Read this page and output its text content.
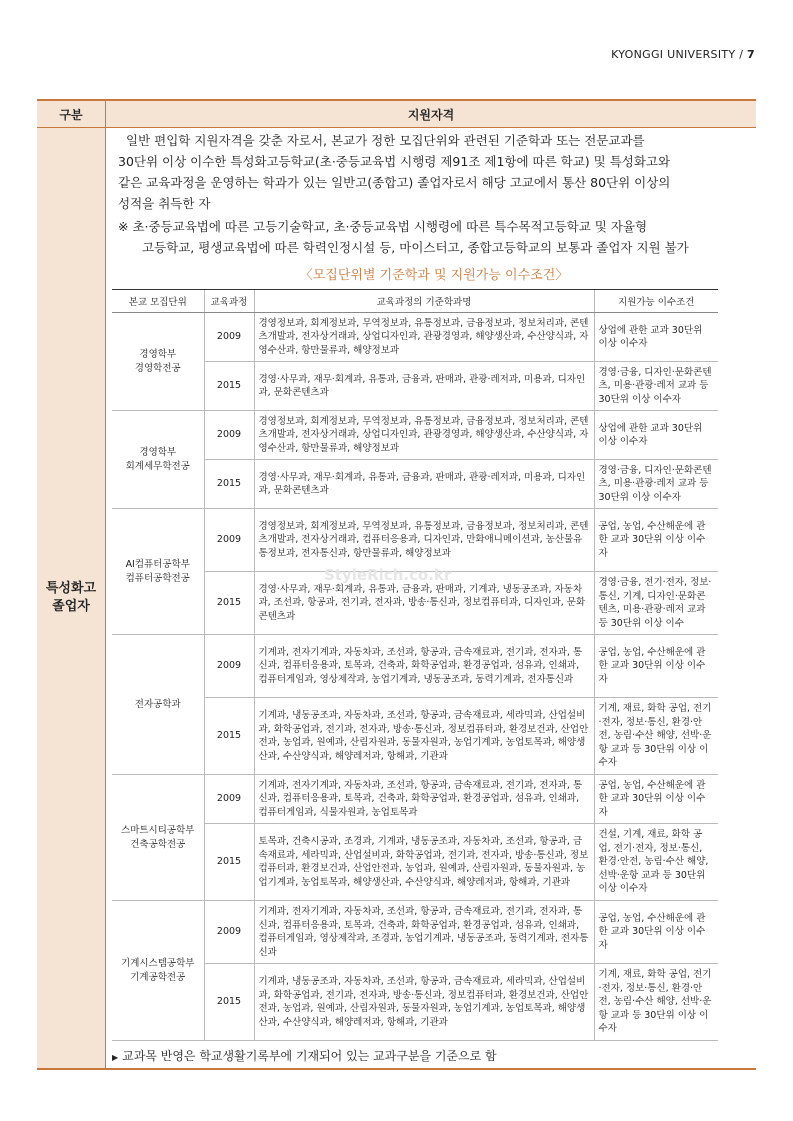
KYONGGI UNIVERSITY / 7
구분	지원자격

특성화고
졸업자

일반 편입학 지원자격을 갖춘 자로서, 본교가 정한 모집단위와 관련된 기준학과 또는 전문교과를

30단위 이상 이수한 특성화고등학교(초·중등교육법 시행령 제91조 제1항에 따른 학교) 및 특성화고와

같은 교육과정을 운영하는 학과가 있는 일반고(종합고) 졸업자로서 해당 고교에서 통산 80단위 이상의

성적을 취득한 자

※ 초·중등교육법에 따른 고등기술학교, 초·중등교육법 시행령에 따른 특수목적고등학교 및 자율형
고등학교, 평생교육법에 따른 학력인정시설 등, 마이스터고, 종합고등학교의 보통과 졸업자 지원 불가
〈모집단위별 기준학과 및 지원가능 이수조건〉
본교 모집단위	교육과정	교육과정의 기준학과명	지원가능 이수조건

경영학부
경영학전공
	2009	경영정보과, 회계정보과, 무역정보과, 유통정보과, 금융정보과, 정보처리과, 콘텐츠개발과, 전자상거래과, 상업디자인과, 관광경영과, 해양생산과, 수산양식과, 자영수산과, 항만물류과, 해양정보과	상업에 관한 교과 30단위 이상 이수자
2015	경영·사무과, 재무·회계과, 유통과, 금융과, 판매과, 관광·레저과, 미용과, 디자인과, 문화콘텐츠과	경영·금융, 디자인·문화콘텐츠, 미용·관광·레저 교과 등 30단위 이상 이수자

경영학부
회계세무학전공
	2009	경영정보과, 회계정보과, 무역정보과, 유통정보과, 금융정보과, 정보처리과, 콘텐츠개발과, 전자상거래과, 상업디자인과, 관광경영과, 해양생산과, 수산양식과, 자영수산과, 항만물류과, 해양정보과	상업에 관한 교과 30단위 이상 이수자
2015	경영·사무과, 재무·회계과, 유통과, 금융과, 판매과, 관광·레저과, 미용과, 디자인과, 문화콘텐츠과	경영·금융, 디자인·문화콘텐츠, 미용·관광·레저 교과 등 30단위 이상 이수자

AI컴퓨터공학부
컴퓨터공학전공
	2009	경영정보과, 회계정보과, 무역정보과, 유통정보과, 금융정보과, 정보처리과, 콘텐츠개발과, 전자상거래과, 컴퓨터응용과, 디자인과, 만화애니메이션과, 농산물유통정보과, 전자통신과, 항만물류과, 해양정보과	공업, 농업, 수산해운에 관한 교과 30단위 이상 이수자
2015	경영·사무과, 재무·회계과, 유통과, 금융과, 판매과, 기계과, 냉동공조과, 자동차과, 조선과, 항공과, 전기과, 전자과, 방송·통신과, 정보컴퓨터과, 디자인과, 문화콘텐츠과	경영·금융, 전기·전자, 정보·통신, 기계, 디자인·문화콘텐츠, 미용·관광·레저 교과 등 30단위 이상 이수

전자공학과
	2009	기계과, 전자기계과, 자동차과, 조선과, 항공과, 금속재료과, 전기과, 전자과, 통신과, 컴퓨터응용과, 토목과, 건축과, 화학공업과, 환경공업과, 섬유과, 인쇄과, 컴퓨터게임과, 영상제작과, 농업기계과, 냉동공조과, 동력기계과, 전자통신과	공업, 농업, 수산해운에 관한 교과 30단위 이상 이수자
2015	기계과, 냉동공조과, 자동차과, 조선과, 항공과, 금속재료과, 세라믹과, 산업설비과, 화학공업과, 전기과, 전자과, 방송·통신과, 정보컴퓨터과, 환경보건과, 산업안전과, 농업과, 원예과, 산림자원과, 동물자원과, 농업기계과, 농업토목과, 해양생산과, 수산양식과, 해양레저과, 항해과, 기관과	기계, 재료, 화학 공업, 전기·전자, 정보·통신, 환경·안전, 농림·수산 해양, 선박·운항 교과 등 30단위 이상 이수자

스마트시티공학부
건축공학전공
	2009	기계과, 전자기계과, 자동차과, 조선과, 항공과, 금속재료과, 전기과, 전자과, 통신과, 컴퓨터응용과, 토목과, 건축과, 화학공업과, 환경공업과, 섬유과, 인쇄과, 컴퓨터게임과, 식물자원과, 농업토목과	공업, 농업, 수산해운에 관한 교과 30단위 이상 이수자
2015	토목과, 건축시공과, 조경과, 기계과, 냉동공조과, 자동차과, 조선과, 항공과, 금속재료과, 세라믹과, 산업설비과, 화학공업과, 전기과, 전자과, 방송·통신과, 정보컴퓨터과, 환경보건과, 산업안전과, 농업과, 원예과, 산림자원과, 동물자원과, 농업기계과, 농업토목과, 해양생산과, 수산양식과, 해양레저과, 항해과, 기관과	건설, 기계, 재료, 화학 공업, 전기·전자, 정보·통신, 환경·안전, 농림·수산 해양, 선박·운항 교과 등 30단위 이상 이수자

기계시스템공학부
기계공학전공
	2009	기계과, 전자기계과, 자동차과, 조선과, 항공과, 금속재료과, 전기과, 전자과, 통신과, 컴퓨터응용과, 토목과, 건축과, 화학공업과, 환경공업과, 섬유과, 인쇄과, 컴퓨터게임과, 영상제작과, 조경과, 농업기계과, 냉동공조과, 동력기계과, 전자통신과	공업, 농업, 수산해운에 관한 교과 30단위 이상 이수자
2015	기계과, 냉동공조과, 자동차과, 조선과, 항공과, 금속재료과, 세라믹과, 산업설비과, 화학공업과, 전기과, 전자과, 방송·통신과, 정보컴퓨터과, 환경보건과, 산업안전과, 농업과, 원예과, 산림자원과, 동물자원과, 농업기계과, 농업토목과, 해양생산과, 수산양식과, 해양레저과, 항해과, 기관과	기계, 재료, 화학 공업, 전기·전자, 정보·통신, 환경·안전, 농림·수산 해양, 선박·운항 교과 등 30단위 이상 이수자
▶ 교과목 반영은 학교생활기록부에 기재되어 있는 교과구분을 기준으로 함
StyleRich.co.kr
